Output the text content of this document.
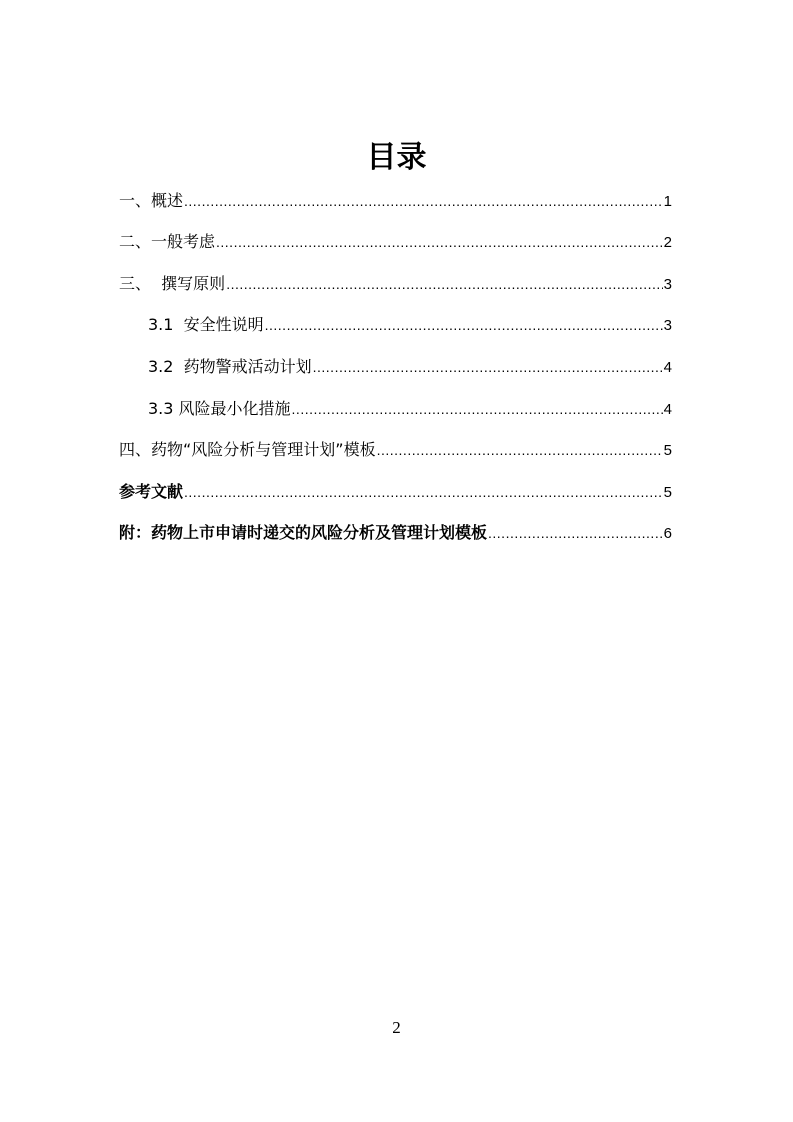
目录
一、概述 .....	1
二、一般考虑 .....	2
三、  撰写原则 .....	3
3.1  安全性说明 .....	3
3.2  药物警戒活动计划 .....	4
3.3 风险最小化措施 .....	4
四、药物“风险分析与管理计划”模板 .....	5
参考文献 .....	5
附：药物上市申请时递交的风险分析及管理计划模板 .....	6
2
